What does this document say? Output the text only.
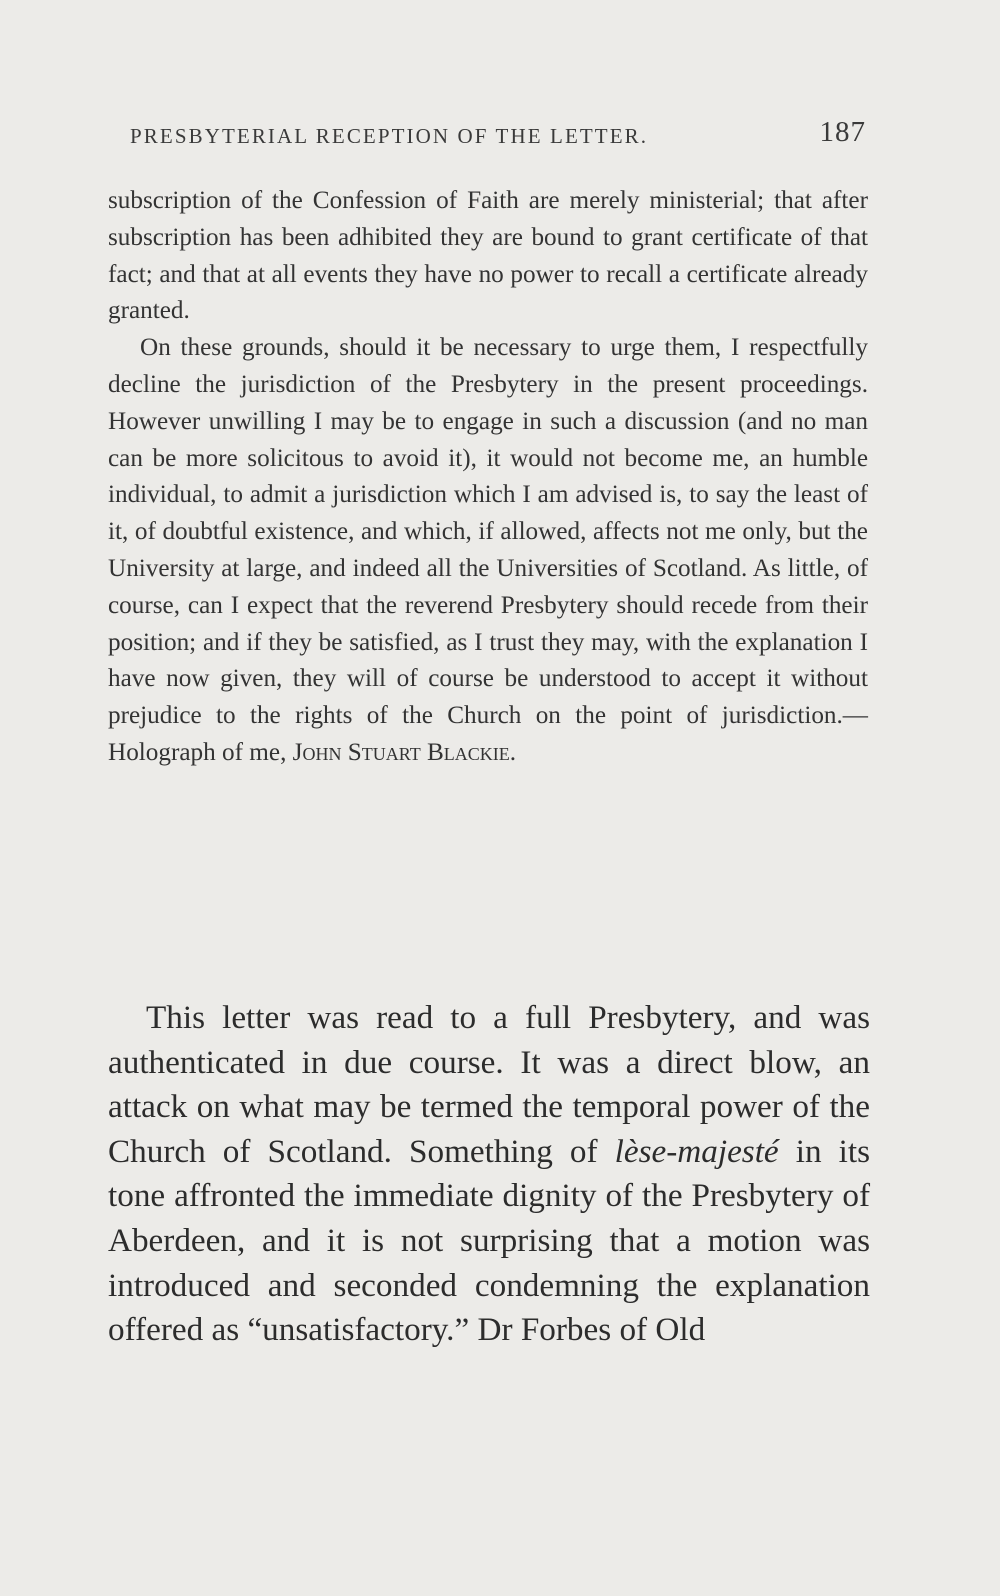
PRESBYTERIAL RECEPTION OF THE LETTER.	187

subscription of the Confession of Faith are merely ministerial; that after subscription has been adhibited they are bound to grant certificate of that fact; and that at all events they have no power to recall a certificate already granted.

On these grounds, should it be necessary to urge them, I respectfully decline the jurisdiction of the Presbytery in the present proceedings. However unwilling I may be to engage in such a discussion (and no man can be more solicitous to avoid it), it would not become me, an humble individual, to admit a jurisdiction which I am advised is, to say the least of it, of doubtful existence, and which, if allowed, affects not me only, but the University at large, and indeed all the Universities of Scotland. As little, of course, can I expect that the reverend Presbytery should recede from their position; and if they be satisfied, as I trust they may, with the explanation I have now given, they will of course be understood to accept it without prejudice to the rights of the Church on the point of jurisdiction.—Holograph of me, John Stuart Blackie.

This letter was read to a full Presbytery, and was authenticated in due course. It was a direct blow, an attack on what may be termed the temporal power of the Church of Scotland. Something of lèse-majesté in its tone affronted the immediate dignity of the Presbytery of Aberdeen, and it is not surprising that a motion was introduced and seconded condemning the explanation offered as “unsatisfactory.” Dr Forbes of Old
